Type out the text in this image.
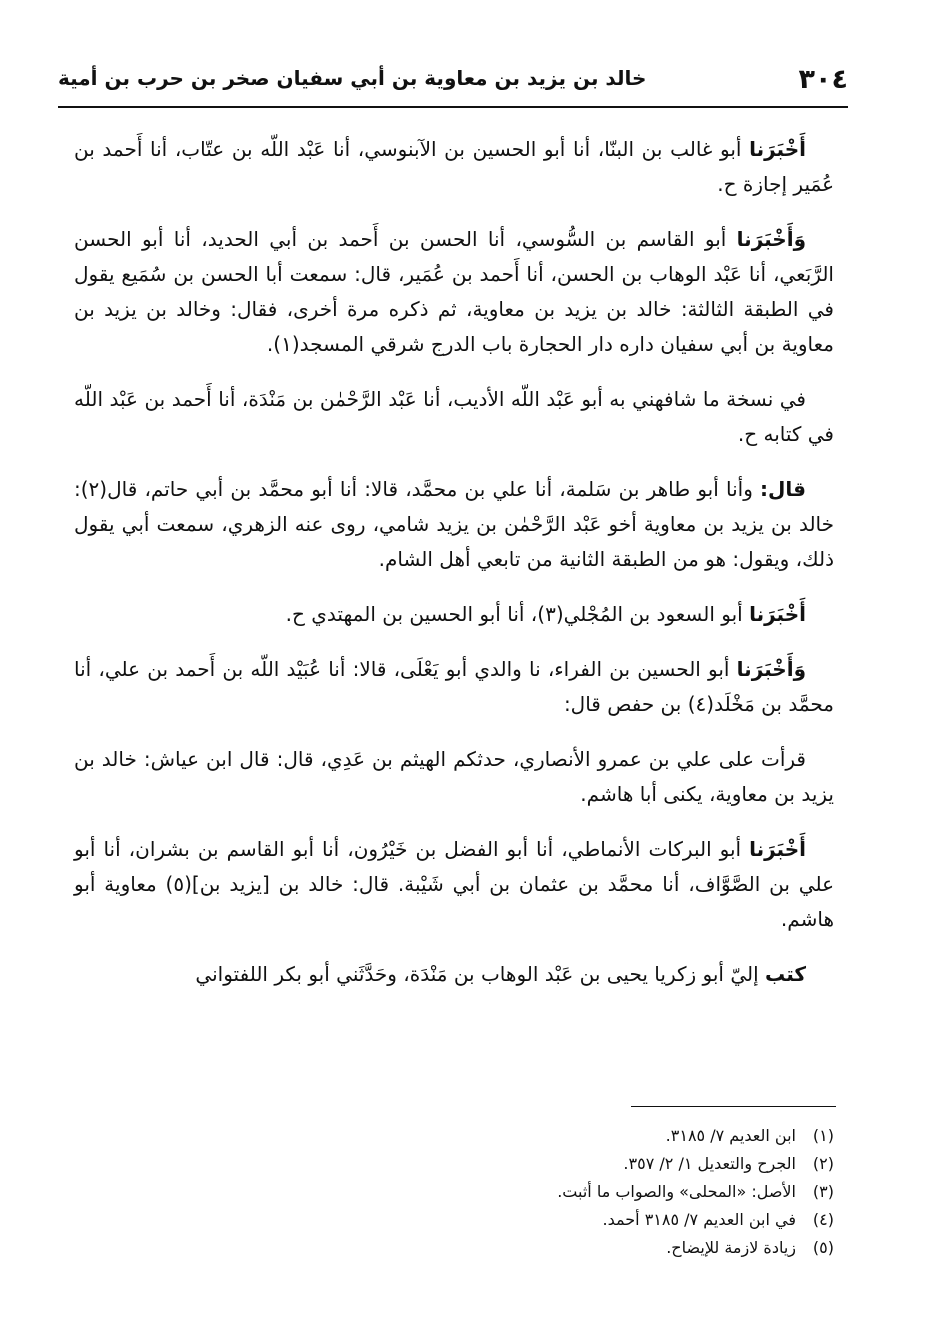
٣٠٤
خالد بن يزيد بن معاوية بن أبي سفيان صخر بن حرب بن أمية

أَخْبَرَنا أبو غالب بن البنّا، أنا أبو الحسين بن الآبنوسي، أنا عَبْد اللّه بن عتّاب، أنا أَحمد بن عُمَير إجازة ح.

وَأَخْبَرَنا أبو القاسم بن السُّوسي، أنا الحسن بن أَحمد بن أبي الحديد، أنا أبو الحسن الرَّبَعي، أنا عَبْد الوهاب بن الحسن، أنا أَحمد بن عُمَير، قال: سمعت أبا الحسن بن سُمَيع يقول في الطبقة الثالثة: خالد بن يزيد بن معاوية، ثم ذكره مرة أخرى، فقال: وخالد بن يزيد بن معاوية بن أبي سفيان داره دار الحجارة باب الدرج شرقي المسجد(١).

في نسخة ما شافهني به أبو عَبْد اللّه الأديب، أنا عَبْد الرَّحْمٰن بن مَنْدَة، أنا أَحمد بن عَبْد اللّه في كتابه ح.

قال: وأنا أبو طاهر بن سَلمة، أنا علي بن محمَّد، قالا: أنا أبو محمَّد بن أبي حاتم، قال(٢): خالد بن يزيد بن معاوية أخو عَبْد الرَّحْمٰن بن يزيد شامي، روى عنه الزهري، سمعت أبي يقول ذلك، ويقول: هو من الطبقة الثانية من تابعي أهل الشام.

أَخْبَرَنا أبو السعود بن المُجْلي(٣)، أنا أبو الحسين بن المهتدي ح.

وَأَخْبَرَنا أبو الحسين بن الفراء، نا والدي أبو يَعْلَى، قالا: أنا عُبَيْد اللّه بن أَحمد بن علي، أنا محمَّد بن مَخْلَد(٤) بن حفص قال:

قرأت على علي بن عمرو الأنصاري، حدثكم الهيثم بن عَدِي، قال: قال ابن عياش: خالد بن يزيد بن معاوية، يكنى أبا هاشم.

أَخْبَرَنا أبو البركات الأنماطي، أنا أبو الفضل بن خَيْرُون، أنا أبو القاسم بن بشران، أنا أبو علي بن الصَّوَّاف، أنا محمَّد بن عثمان بن أبي شَيْبة. قال: خالد بن [يزيد بن](٥) معاوية أبو هاشم.

كتب إليّ أبو زكريا يحيى بن عَبْد الوهاب بن مَنْدَة، وحَدَّثَني أبو بكر اللفتواني

(١)ابن العديم ٧/ ٣١٨٥.

(٢)الجرح والتعديل ١/ ٢/ ٣٥٧.

(٣)الأصل: «المحلى» والصواب ما أثبت.

(٤)في ابن العديم ٧/ ٣١٨٥ أحمد.

(٥)زيادة لازمة للإيضاح.
